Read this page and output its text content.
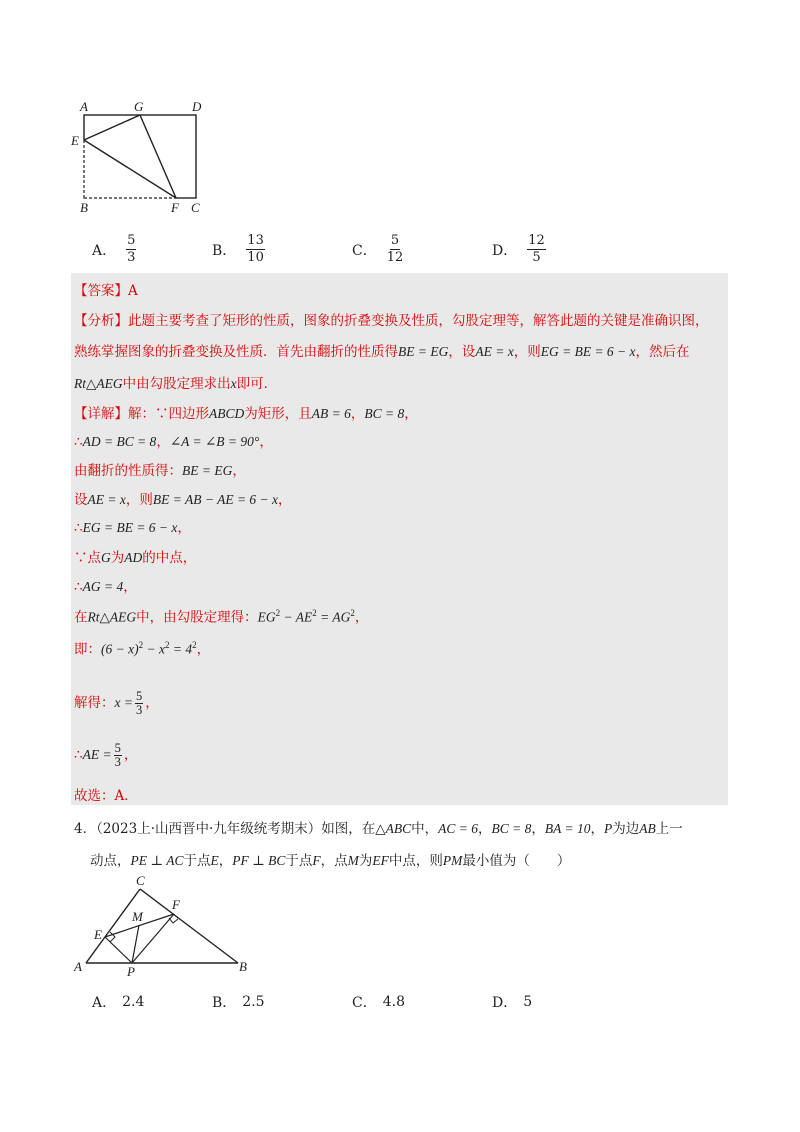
A	G	D
E
B	F C
A． $\frac{5}{3}$	B． $\frac{13}{10}$	C． $\frac{5}{12}$	D． $\frac{12}{5}$
【答案】A
【分析】此题主要考查了矩形的性质，图象的折叠变换及性质，勾股定理等，解答此题的关键是准确识图，
熟练掌握图象的折叠变换及性质．首先由翻折的性质得BE = EG，设AE = x，则EG = BE = 6 − x，然后在
Rt△AEG中由勾股定理求出x即可．
【详解】解：∵四边形ABCD为矩形，且AB = 6，BC = 8，
∴AD = BC = 8，∠A = ∠B = 90°，
由翻折的性质得：BE = EG，
设AE = x，则BE = AB − AE = 6 − x，
∴EG = BE = 6 − x，
∵点G为AD的中点，
∴AG = 4，
在Rt△AEG中，由勾股定理得：$EG^2 - AE^2 = AG^2$，
即：$(6 - x)^2 - x^2 = 4^2$，
解得：$x = \frac{5}{3}$ ，
∴AE = $\frac{5}{3}$ ，
故选：A．
4．（2023上·山西晋中·九年级统考期末）如图，在△ABC中，AC = 6，BC = 8，BA = 10，P为边AB上一
动点，PE ⊥ AC于点E，PF ⊥ BC于点F，点M为EF中点，则PM最小值为（　　）
C
F
M
E
A	P	B
A． 2.4	B． 2.5	C． 4.8	D． 5
